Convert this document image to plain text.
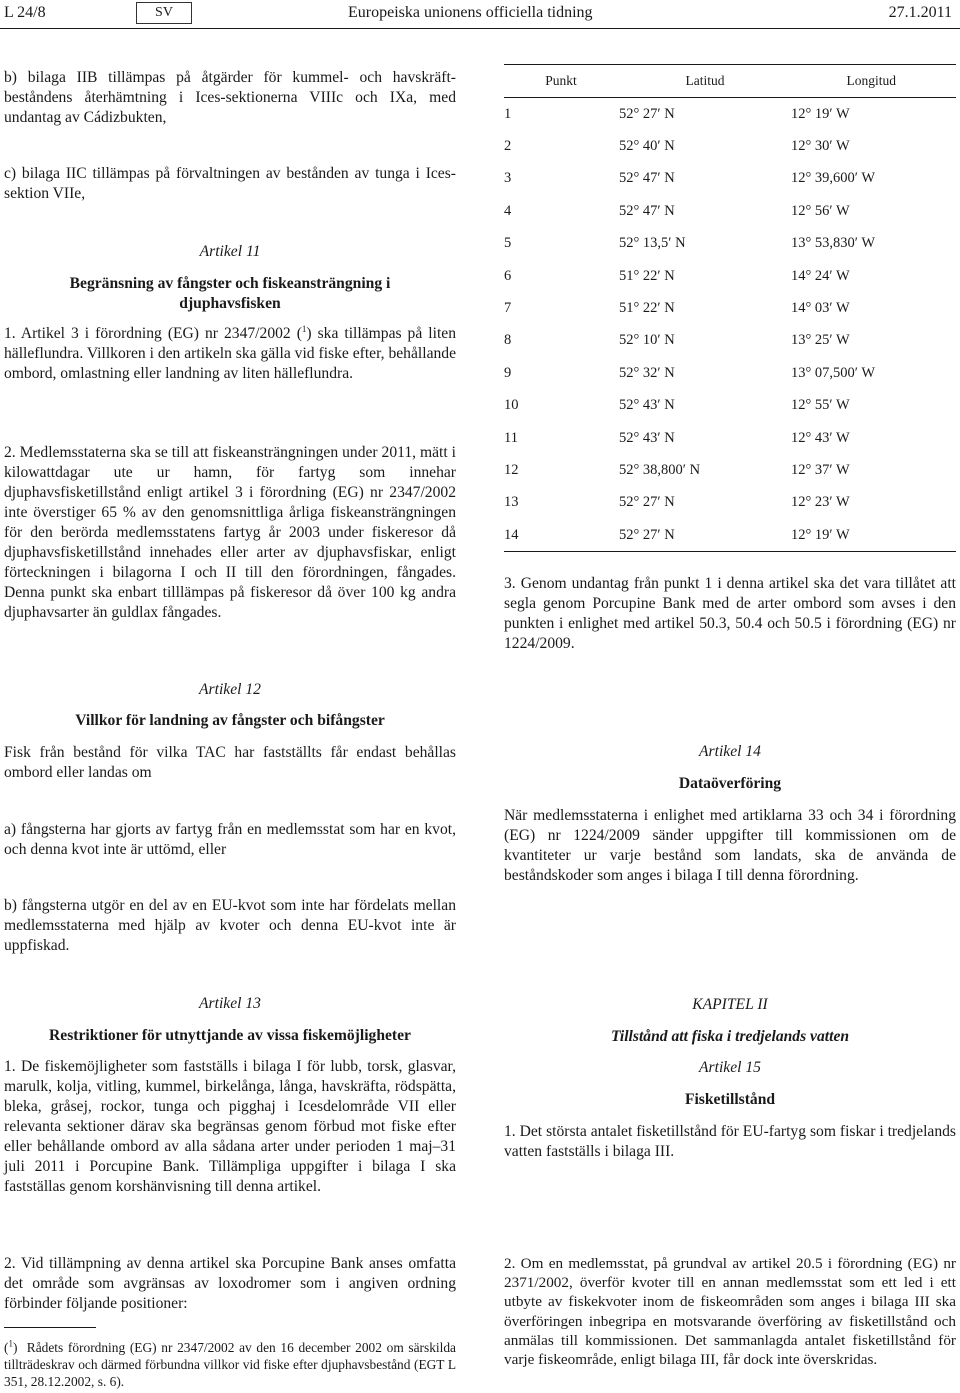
L 24/8	SV	Europeiska unionens officiella tidning	27.1.2011

b) bilaga IIB tillämpas på åtgärder för kummel- och havskräftbeståndens återhämtning i Ices-sektionerna VIIIc och IXa, med undantag av Cádizbukten,

c) bilaga IIC tillämpas på förvaltningen av bestånden av tunga i Ices-sektion VIIe,

Artikel 11
Begränsning av fångster och fiskeansträngning i djuphavsfisken

1. Artikel 3 i förordning (EG) nr 2347/2002 ($^1$) ska tillämpas på liten hälleflundra. Villkoren i den artikeln ska gälla vid fiske efter, behållande ombord, omlastning eller landning av liten hälleflundra.

2. Medlemsstaterna ska se till att fiskeansträngningen under 2011, mätt i kilowattdagar ute ur hamn, för fartyg som innehar djuphavsfisketillstånd enligt artikel 3 i förordning (EG) nr 2347/2002 inte överstiger 65 % av den genomsnittliga årliga fiskeansträngningen för den berörda medlemsstatens fartyg år 2003 under fiskeresor då djuphavsfisketillstånd innehades eller arter av djuphavsfiskar, enligt förteckningen i bilagorna I och II till den förordningen, fångades. Denna punkt ska enbart tilllämpas på fiskeresor då över 100 kg andra djuphavsarter än guldlax fångades.

Artikel 12
Villkor för landning av fångster och bifångster

Fisk från bestånd för vilka TAC har fastställts får endast behållas ombord eller landas om

a) fångsterna har gjorts av fartyg från en medlemsstat som har en kvot, och denna kvot inte är uttömd, eller

b) fångsterna utgör en del av en EU-kvot som inte har fördelats mellan medlemsstaterna med hjälp av kvoter och denna EU-kvot inte är uppfiskad.

Artikel 13
Restriktioner för utnyttjande av vissa fiskemöjligheter

1. De fiskemöjligheter som fastställs i bilaga I för lubb, torsk, glasvar, marulk, kolja, vitling, kummel, birkelånga, långa, havskräfta, rödspätta, bleka, gråsej, rockor, tunga och pigghaj i Icesdelområde VII eller relevanta sektioner därav ska begränsas genom förbud mot fiske efter eller behållande ombord av alla sådana arter under perioden 1 maj–31 juli 2011 i Porcupine Bank. Tillämpliga uppgifter i bilaga I ska fastställas genom korshänvisning till denna artikel.

2. Vid tillämpning av denna artikel ska Porcupine Bank anses omfatta det område som avgränsas av loxodromer som i angiven ordning förbinder följande positioner:

($^1$)  Rådets förordning (EG) nr 2347/2002 av den 16 december 2002 om särskilda tillträdeskrav och därmed förbundna villkor vid fiske efter djuphavsbestånd (EGT L 351, 28.12.2002, s. 6).

Punkt	Latitud	Longitud
1	52° 27′ N	12° 19′ W
2	52° 40′ N	12° 30′ W
3	52° 47′ N	12° 39,600′ W
4	52° 47′ N	12° 56′ W
5	52° 13,5′ N	13° 53,830′ W
6	51° 22′ N	14° 24′ W
7	51° 22′ N	14° 03′ W
8	52° 10′ N	13° 25′ W
9	52° 32′ N	13° 07,500′ W
10	52° 43′ N	12° 55′ W
11	52° 43′ N	12° 43′ W
12	52° 38,800′ N	12° 37′ W
13	52° 27′ N	12° 23′ W
14	52° 27′ N	12° 19′ W

3. Genom undantag från punkt 1 i denna artikel ska det vara tillåtet att segla genom Porcupine Bank med de arter ombord som avses i den punkten i enlighet med artikel 50.3, 50.4 och 50.5 i förordning (EG) nr 1224/2009.

Artikel 14
Dataöverföring

När medlemsstaterna i enlighet med artiklarna 33 och 34 i förordning (EG) nr 1224/2009 sänder uppgifter till kommissionen om de kvantiteter ur varje bestånd som landats, ska de använda de beståndskoder som anges i bilaga I till denna förordning.

KAPITEL II
Tillstånd att fiska i tredjelands vatten
Artikel 15
Fisketillstånd

1. Det största antalet fisketillstånd för EU-fartyg som fiskar i tredjelands vatten fastställs i bilaga III.

2. Om en medlemsstat, på grundval av artikel 20.5 i förordning (EG) nr 2371/2002, överför kvoter till en annan medlemsstat som ett led i ett utbyte av fiskekvoter inom de fiskeområden som anges i bilaga III ska överföringen inbegripa en motsvarande överföring av fisketillstånd och anmälas till kommissionen. Det sammanlagda antalet fisketillstånd för varje fiskeområde, enligt bilaga III, får dock inte överskridas.
